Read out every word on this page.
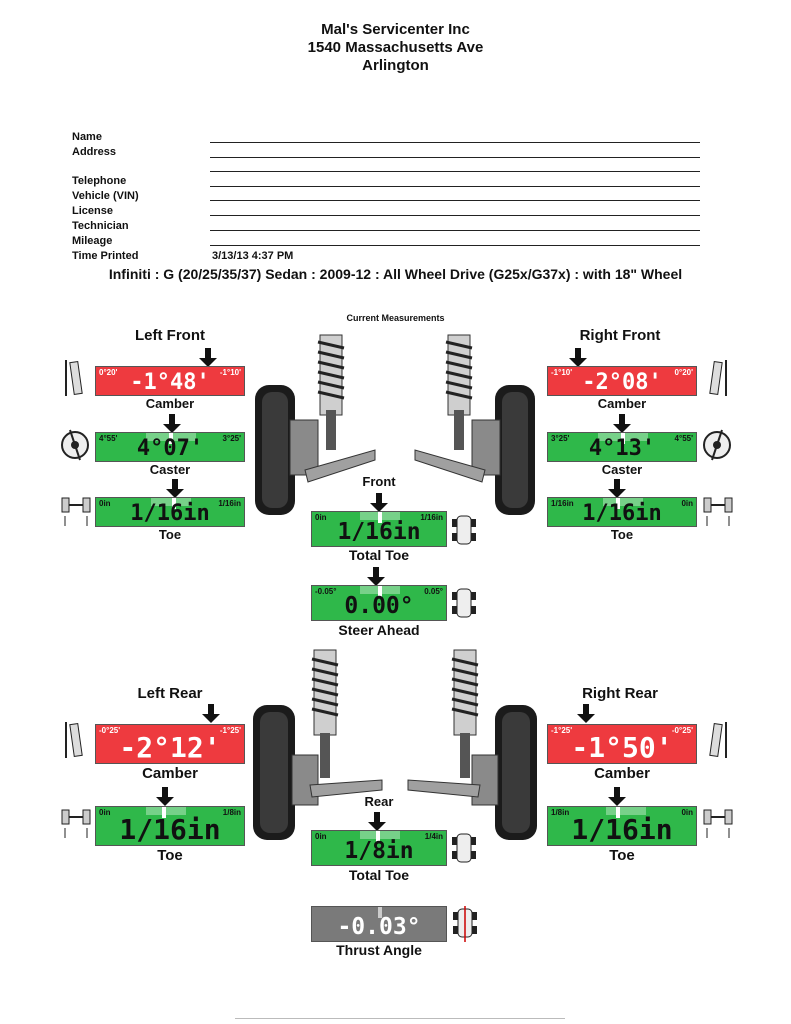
Mal's Servicenter Inc
1540 Massachusetts Ave
Arlington
Name
Address
Telephone
Vehicle (VIN)
License
Technician
Mileage
Time Printed	3/13/13 4:37 PM
Infiniti : G (20/25/35/37) Sedan : 2009-12 : All Wheel Drive (G25x/G37x) : with 18" Wheel
Current Measurements
Left Front	Right Front
0°20'	-1°10'
-1°48'
Camber
-1°10'	0°20'
-2°08'
Camber
4°55'	3°25'
4°07'
Caster
3°25'	4°55'
4°13'
Caster
0in	1/16in
1/16in
Toe
1/16in	0in
1/16in
Toe
Front
0in	1/16in
1/16in
Total Toe
-0.05°	0.05°
0.00°
Steer Ahead
Left Rear	Right Rear
-0°25'	-1°25'
-2°12'
Camber
-1°25'	-0°25'
-1°50'
Camber
0in	1/8in
1/16in
Toe
1/8in	0in
1/16in
Toe
Rear
0in	1/4in
1/8in
Total Toe
-0.03°
Thrust Angle
